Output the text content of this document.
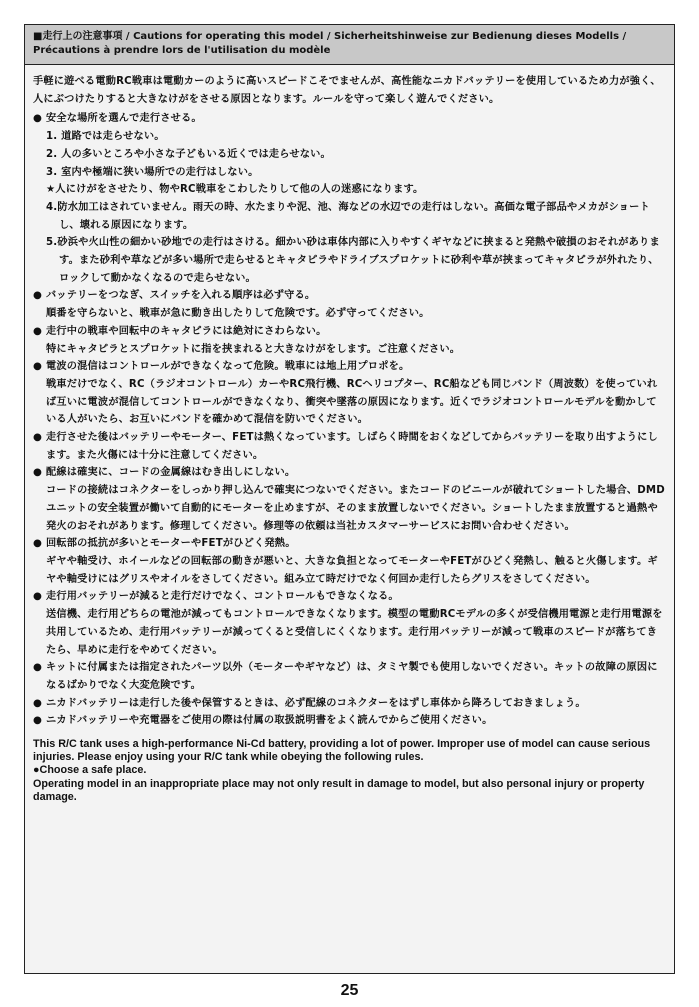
■走行上の注意事項 / Cautions for operating this model / Sicherheitshinweise zur Bedienung dieses Modells / Précautions à prendre lors de l'utilisation du modèle

手軽に遊べる電動RC戦車は電動カーのように高いスピードこそでませんが、高性能なニカドバッテリーを使用しているため力が強く、人にぶつけたりすると大きなけがをさせる原因となります。ルールを守って楽しく遊んでください。

● 安全な場所を選んで走行させる。

1. 道路では走らせない。

2. 人の多いところや小さな子どもいる近くでは走らせない。

3. 室内や極端に狭い場所での走行はしない。

★人にけがをさせたり、物やRC戦車をこわしたりして他の人の迷惑になります。

4.防水加工はされていません。雨天の時、水たまりや泥、池、海などの水辺での走行はしない。高価な電子部品やメカがショートし、壊れる原因になります。

5.砂浜や火山性の細かい砂地での走行はさける。細かい砂は車体内部に入りやすくギヤなどに挟まると発熱や破損のおそれがあります。また砂利や草などが多い場所で走らせるとキャタピラやドライブスプロケットに砂利や草が挟まってキャタピラが外れたり、ロックして動かなくなるので走らせない。

● バッテリーをつなぎ、スイッチを入れる順序は必ず守る。

順番を守らないと、戦車が急に動き出したりして危険です。必ず守ってください。

● 走行中の戦車や回転中のキャタピラには絶対にさわらない。

特にキャタピラとスプロケットに指を挟まれると大きなけがをします。ご注意ください。

● 電波の混信はコントロールができなくなって危険。戦車には地上用プロポを。

戦車だけでなく、RC（ラジオコントロール）カーやRC飛行機、RCヘリコプター、RC船なども同じバンド（周波数）を使っていれば互いに電波が混信してコントロールができなくなり、衝突や墜落の原因になります。近くでラジオコントロールモデルを動かしている人がいたら、お互いにバンドを確かめて混信を防いでください。

● 走行させた後はバッテリーやモーター、FETは熱くなっています。しばらく時間をおくなどしてからバッテリーを取り出すようにします。また火傷には十分に注意してください。

● 配線は確実に、コードの金属線はむき出しにしない。

コードの接続はコネクターをしっかり押し込んで確実につないでください。またコードのビニールが破れてショートした場合、DMDユニットの安全装置が働いて自動的にモーターを止めますが、そのまま放置しないでください。ショートしたまま放置すると過熱や発火のおそれがあります。修理してください。修理等の依頼は当社カスタマーサービスにお問い合わせください。

● 回転部の抵抗が多いとモーターやFETがひどく発熱。

ギヤや軸受け、ホイールなどの回転部の動きが悪いと、大きな負担となってモーターやFETがひどく発熱し、触ると火傷します。ギヤや軸受けにはグリスやオイルをさしてください。組み立て時だけでなく何回か走行したらグリスをさしてください。

● 走行用バッテリーが減ると走行だけでなく、コントロールもできなくなる。

送信機、走行用どちらの電池が減ってもコントロールできなくなります。模型の電動RCモデルの多くが受信機用電源と走行用電源を共用しているため、走行用バッテリーが減ってくると受信しにくくなります。走行用バッテリーが減って戦車のスピードが落ちてきたら、早めに走行をやめてください。

● キットに付属または指定されたパーツ以外（モーターやギヤなど）は、タミヤ製でも使用しないでください。キットの故障の原因になるばかりでなく大変危険です。

● ニカドバッテリーは走行した後や保管するときは、必ず配線のコネクターをはずし車体から降ろしておきましょう。

● ニカドバッテリーや充電器をご使用の際は付属の取扱説明書をよく読んでからご使用ください。

This R/C tank uses a high-performance Ni-Cd battery, providing a lot of power. Improper use of model can cause serious injuries. Please enjoy using your R/C tank while obeying the following rules.

●Choose a safe place.

Operating model in an inappropriate place may not only result in damage to model, but also personal injury or property damage.

25
